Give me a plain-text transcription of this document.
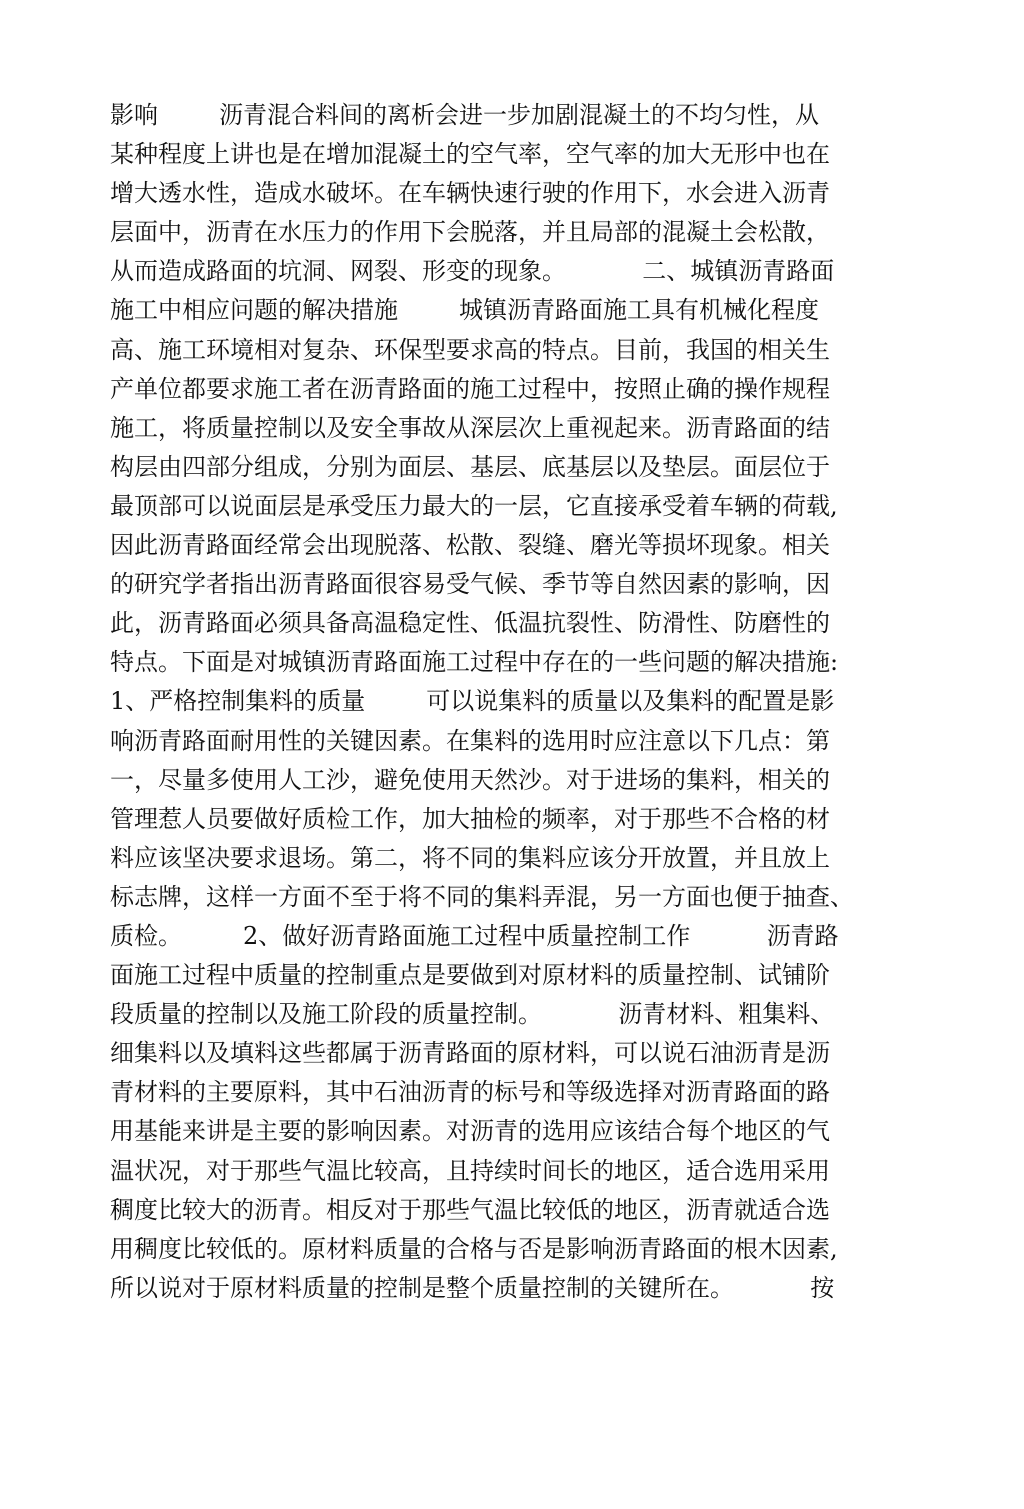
影响        沥青混合料间的离析会进一步加剧混凝土的不均匀性，从
某种程度上讲也是在增加混凝土的空气率，空气率的加大无形中也在
增大透水性，造成水破坏。在车辆快速行驶的作用下，水会进入沥青
层面中，沥青在水压力的作用下会脱落，并且局部的混凝土会松散，
从而造成路面的坑洞、网裂、形变的现象。          二、城镇沥青路面
施工中相应问题的解决措施        城镇沥青路面施工具有机械化程度
高、施工环境相对复杂、环保型要求高的特点。目前，我国的相关生
产单位都要求施工者在沥青路面的施工过程中，按照止确的操作规程
施工，将质量控制以及安全事故从深层次上重视起来。沥青路面的结
构层由四部分组成，分别为面层、基层、底基层以及垫层。面层位于
最顶部可以说面层是承受压力最大的一层，它直接承受着车辆的荷载,
因此沥青路面经常会出现脱落、松散、裂缝、磨光等损坏现象。相关
的研究学者指出沥青路面很容易受气候、季节等自然因素的影响，因
此，沥青路面必须具备高温稳定性、低温抗裂性、防滑性、防磨性的
特点。下面是对城镇沥青路面施工过程中存在的一些问题的解决措施:
1、严格控制集料的质量        可以说集料的质量以及集料的配置是影
响沥青路面耐用性的关键因素。在集料的选用时应注意以下几点：第
一，尽量多使用人工沙，避免使用天然沙。对于进场的集料，相关的
管理惹人员要做好质检工作，加大抽检的频率，对于那些不合格的材
料应该坚决要求退场。第二，将不同的集料应该分开放置，并且放上
标志牌，这样一方面不至于将不同的集料弄混，另一方面也便于抽查、
质检。        2、做好沥青路面施工过程中质量控制工作          沥青路
面施工过程中质量的控制重点是要做到对原材料的质量控制、试铺阶
段质量的控制以及施工阶段的质量控制。          沥青材料、粗集料、
细集料以及填料这些都属于沥青路面的原材料，可以说石油沥青是沥
青材料的主要原料，其中石油沥青的标号和等级选择对沥青路面的路
用基能来讲是主要的影响因素。对沥青的选用应该结合每个地区的气
温状况，对于那些气温比较高，且持续时间长的地区，适合选用采用
稠度比较大的沥青。相反对于那些气温比较低的地区，沥青就适合选
用稠度比较低的。原材料质量的合格与否是影响沥青路面的根木因素,
所以说对于原材料质量的控制是整个质量控制的关键所在。          按
